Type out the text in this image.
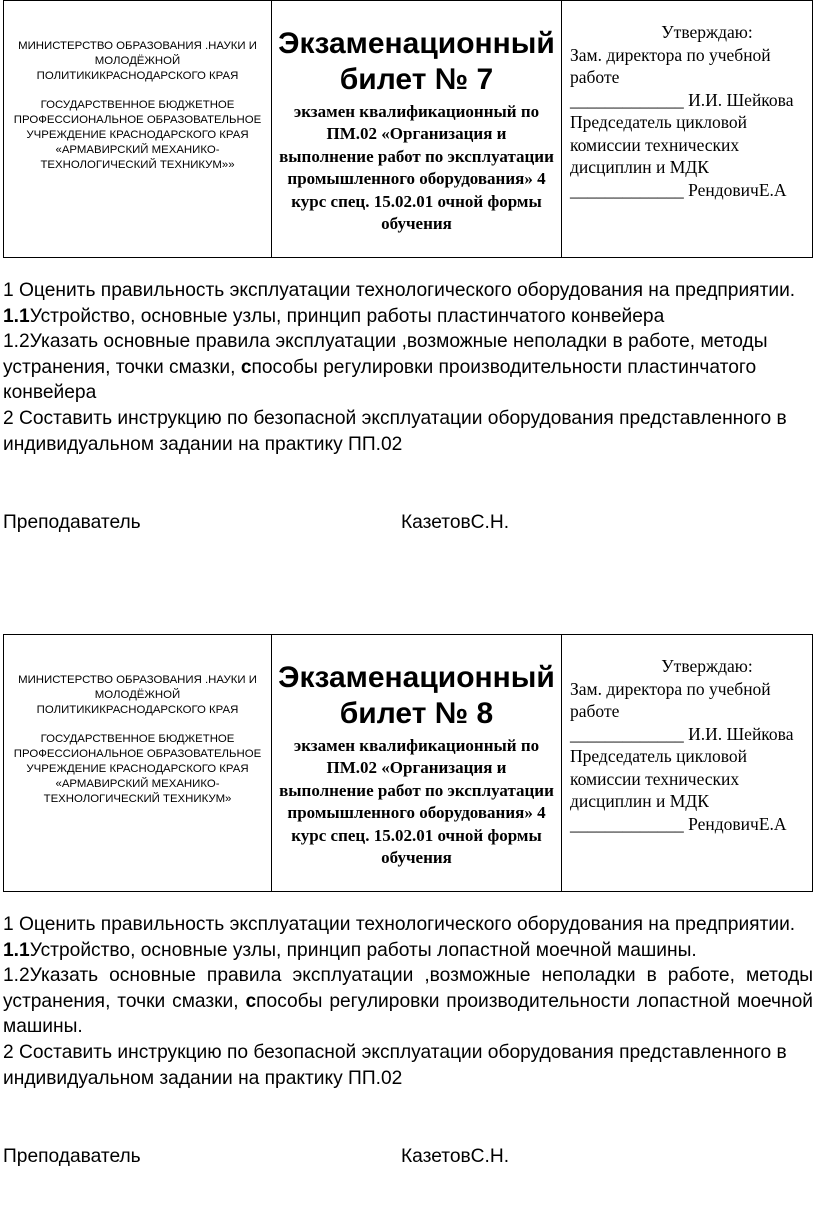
МИНИСТЕРСТВО ОБРАЗОВАНИЯ .НАУКИ И МОЛОДЁЖНОЙ ПОЛИТИКИКРАСНОДАРСКОГО КРАЯ
ГОСУДАРСТВЕННОЕ БЮДЖЕТНОЕ ПРОФЕССИОНАЛЬНОЕ ОБРАЗОВАТЕЛЬНОЕ УЧРЕЖДЕНИЕ КРАСНОДАРСКОГО КРАЯ «АРМАВИРСКИЙ МЕХАНИКО-ТЕХНОЛОГИЧЕСКИЙ ТЕХНИКУМ»»
Экзаменационный
билет № 7
экзамен квалификационный по ПМ.02 «Организация и выполнение работ по эксплуатации промышленного оборудования» 4 курс спец. 15.02.01 очной формы обучения
Утверждаю:
Зам. директора по учебной работе
_____________ И.И. Шейкова
Председатель цикловой комиссии технических дисциплин и МДК
_____________ РендовичЕ.А

1 Оценить правильность эксплуатации технологического оборудования на предприятии.

1.1Устройство, основные узлы, принцип работы пластинчатого конвейера

1.2Указать основные правила эксплуатации ,возможные неполадки в работе, методы устранения, точки смазки, способы регулировки производительности пластинчатого конвейера

2 Составить инструкцию по безопасной эксплуатации оборудования представленного в индивидуальном задании на практику ПП.02

Преподаватель	КазетовС.Н.
МИНИСТЕРСТВО ОБРАЗОВАНИЯ .НАУКИ И МОЛОДЁЖНОЙ ПОЛИТИКИКРАСНОДАРСКОГО КРАЯ
ГОСУДАРСТВЕННОЕ БЮДЖЕТНОЕ ПРОФЕССИОНАЛЬНОЕ ОБРАЗОВАТЕЛЬНОЕ УЧРЕЖДЕНИЕ КРАСНОДАРСКОГО КРАЯ «АРМАВИРСКИЙ МЕХАНИКО-ТЕХНОЛОГИЧЕСКИЙ ТЕХНИКУМ»
Экзаменационный
билет № 8
экзамен квалификационный по ПМ.02 «Организация и выполнение работ по эксплуатации промышленного оборудования» 4 курс спец. 15.02.01 очной формы обучения
Утверждаю:
Зам. директора по учебной работе
_____________ И.И. Шейкова
Председатель цикловой комиссии технических дисциплин и МДК
_____________ РендовичЕ.А

1 Оценить правильность эксплуатации технологического оборудования на предприятии.

1.1Устройство, основные узлы, принцип работы лопастной моечной машины.

1.2Указать основные правила эксплуатации ,возможные неполадки в работе, методы устранения, точки смазки, способы регулировки производительности лопастной моечной машины.

2 Составить инструкцию по безопасной эксплуатации оборудования представленного в индивидуальном задании на практику ПП.02

Преподаватель	КазетовС.Н.
